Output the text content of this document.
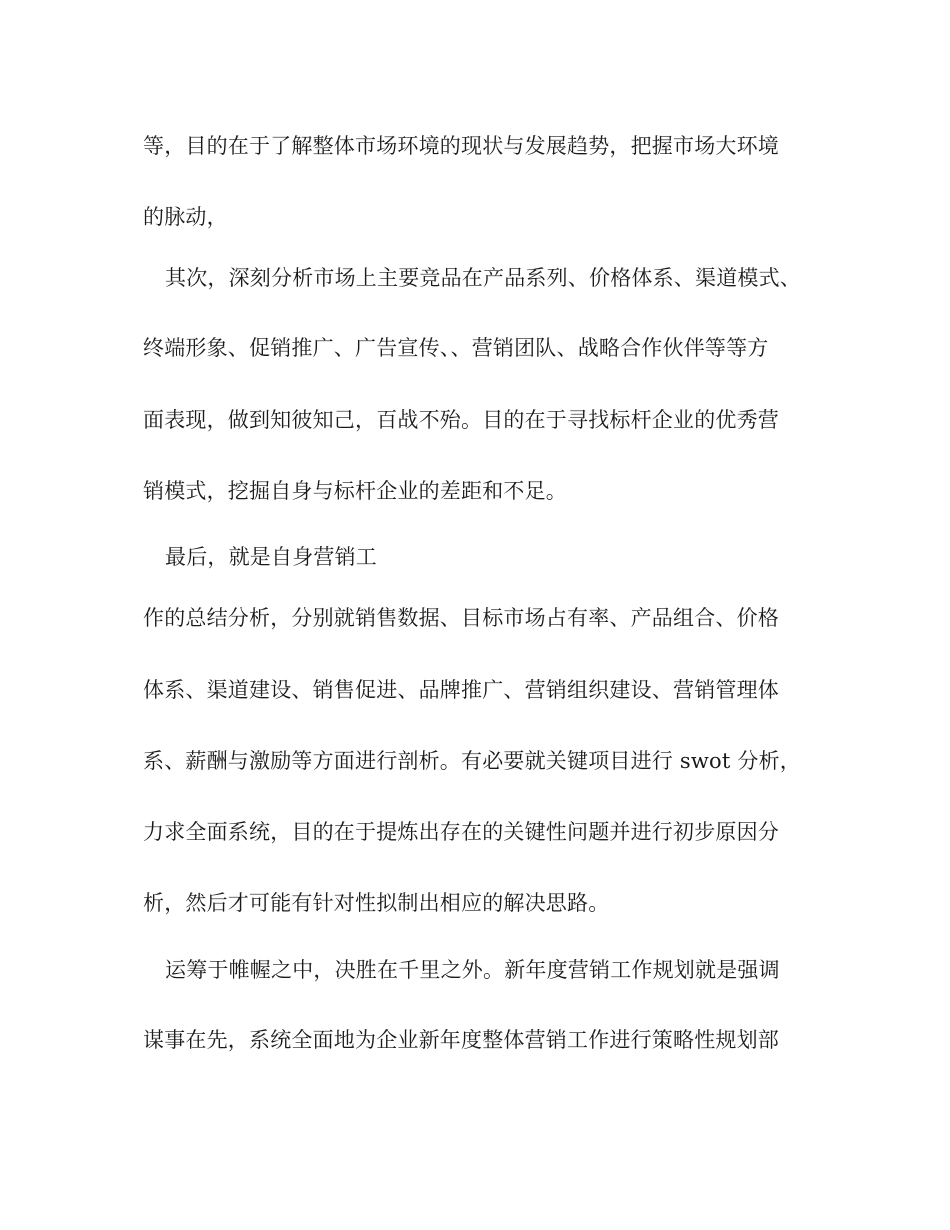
等，目的在于了解整体市场环境的现状与发展趋势，把握市场大环境
的脉动，
其次，深刻分析市场上主要竞品在产品系列、价格体系、渠道模式、
终端形象、促销推广、广告宣传、、营销团队、战略合作伙伴等等方
面表现，做到知彼知己，百战不殆。目的在于寻找标杆企业的优秀营
销模式，挖掘自身与标杆企业的差距和不足。
最后，就是自身营销工
作的总结分析，分别就销售数据、目标市场占有率、产品组合、价格
体系、渠道建设、销售促进、品牌推广、营销组织建设、营销管理体
系、薪酬与激励等方面进行剖析。有必要就关键项目进行 swot 分析，
力求全面系统，目的在于提炼出存在的关键性问题并进行初步原因分
析，然后才可能有针对性拟制出相应的解决思路。
运筹于帷幄之中，决胜在千里之外。新年度营销工作规划就是强调
谋事在先，系统全面地为企业新年度整体营销工作进行策略性规划部
